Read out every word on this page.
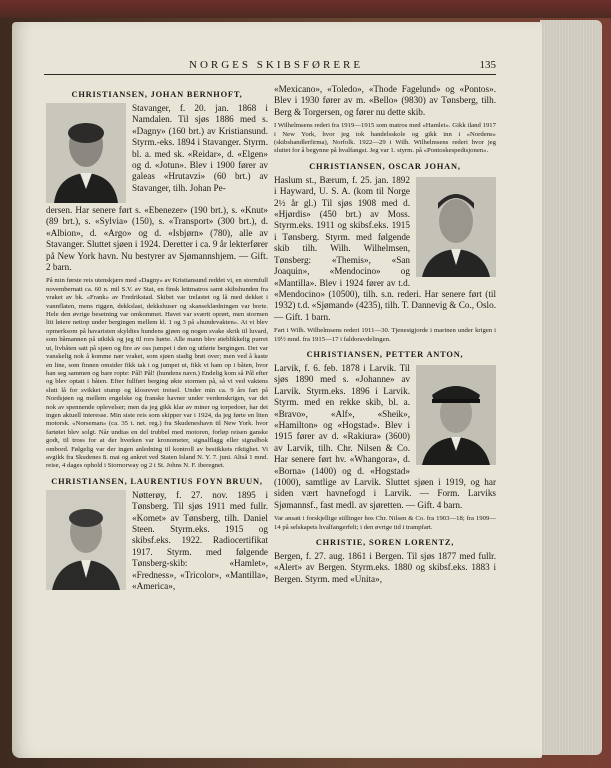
NORGES SKIBSFØRERE	135
CHRISTIANSEN, JOHAN BERNHOFT,
Stavanger, f. 20. jan. 1868 i Namdalen. Til sjøs 1886 med s. «Dagny» (160 brt.) av Kristiansund. Styrm.-eks. 1894 i Stavanger. Styrm. bl. a. med sk. «Reidar», d. «Elgen» og d. «Jotun». Blev i 1900 fører av galeas «Hrutavzi» (60 brt.) av Stavanger, tilh. Johan Pe-
dersen. Har senere ført s. «Ebenezer» (190 brt.), s. «Knut» (89 brt.), s. «Sylvia» (150), s. «Transport» (300 brt.), d. «Albion», d. «Argo» og d. «Isbjørn» (780), alle av Stavanger. Sluttet sjøen i 1924. Deretter i ca. 9 år lekterfører på New York havn. Nu bestyrer av Sjømannshjem. — Gift. 2 barn.
På min første reis utenskjærs med «Dagny» av Kristiansund reddet vi, en stormfull novembernatt ca. 60 n. mil S.V. av Stat, en finsk lettmatros samt skibshunden fra vraket av bk. «Frank» av Fredrikstad. Skibet var trelastet og lå med dekket i vannflaten, mens riggen, dekkslast, dekkshuser og skanseklædningen var borte. Hele den øvrige besetning var omkommet. Havet var sværtt oprørt, men stormen litt løiere nettop under bergingen mellem kl. 1 og 3 på «hundevakten». At vi blev opmerksom på havaristen skyldtes hundens gjøen og nogen svake skrik til luvard, som båmannen på utkikk og jeg til rors hørte. Alle mann blev øieblikkelig purret ut, livbåten satt på sjøen og fire av oss jumpet i den og utførte bergingen. Det var vanskelig nok å komme nær vraket, som sjøen stadig brøt over; men ved å kaste en line, som finnen omsider fikk tak i og jumpet ut, fikk vi ham op i båten, hvor han seg sammen og bare ropte: Pål! Pål! (hundens navn.) Endelig kom så Pål efter og blev optatt i båten. Efter fullført berging økte stormen på, så vi ved vaktens slutt lå for svikket stump og klosrevet treisel. Under min ca. 9 års fart på Nordsjøen og mellem engelske og franske havner under verdenskrigen, var det nok av spennende oplevelser; men da jeg gikk klar av miner og torpedoer, har det ingen aktuell interesse. Min siste reis som skipper var i 1924, da jeg førte en liten motorsk. «Norseman» (ca. 35 t. net. reg.) fra Skudeneshavn til New York. hvor fartøiet blev solgt. Når undtas en del trubbel med motoren, forløp reisen ganske godt, til tross for at der hverken var kronometer, signalflagg eller signalbok ombord. Følgelig var der ingen anledning til kontroll av bestikkets riktighet. Vi avgikk fra Skudenes 8. mai og ankret ved Staten Island N. Y. 7. juni. Altså 1 mnd. reise, 4 dages ophold i Stornorway og 2 i St. Johns N. F. iberegnet.
CHRISTIANSEN, LAURENTIUS FOYN BRUUN,
Nøtterøy, f. 27. nov. 1895 i Tønsberg. Til sjøs 1911 med fullr. «Komet» av Tønsberg, tilh. Daniel Steen. Styrm.eks. 1915 og skibsf.eks. 1922. Radiocertifikat 1917. Styrm. med følgende Tønsberg-skib: «Hamlet», «Fredness», «Tricolor», «Mantilla», «America»,
«Mexicano», «Toledo», «Thode Fagelund» og «Pontos». Blev i 1930 fører av m. «Bello» (9830) av Tønsberg, tilh. Berg & Torgersen, og fører nu dette skib.
I Wilhelmsens rederi fra 1919—1915 som matros med «Hamlet». Gikk iland 1917 i New York, hvor jeg tok handelsskole og gikk inn i «Nordens» (skibshandlerfirma), Norfolk. 1922—29 i Wilh. Wilhelmsens rederi hvor jeg sluttet for å begynne på hvalfangst. Jeg var 1. styrm. på «Pontoskespedisjonen».
CHRISTIANSEN, OSCAR JOHAN,
Haslum st., Bærum, f. 25. jan. 1892 i Hayward, U. S. A. (kom til Norge 2½ år gl.) Til sjøs 1908 med d. «Hjørdis» (450 brt.) av Moss. Styrm.eks. 1911 og skibsf.eks. 1915 i Tønsberg. Styrm. med følgende skib tilh. Wilh. Wilhelmsen, Tønsberg: «Themis», «San Joaquin», «Mendocino» og «Mantilla». Blev i 1924 fører av t.d. «Mendocino» (10500), tilh. s.n. rederi. Har senere ført (til 1932) t.d. «Sjømand» (4235), tilh. T. Dannevig & Co., Oslo. — Gift. 1 barn.
Fart i Wilh. Wilhelmsens rederi 1911—30. Tjenestgjorde i marinen under krigen i 19½ mnd. fra 1915—17 i faldoravdelingen.
CHRISTIANSEN, PETTER ANTON,
Larvik, f. 6. feb. 1878 i Larvik. Til sjøs 1890 med s. «Johanne» av Larvik. Styrm.eks. 1896 i Larvik. Styrm. med en rekke skib, bl. a. «Bravo», «Alf», «Sheik», «Hamilton» og «Hogstad». Blev i 1915 fører av d. «Rakiura» (3600) av Larvik, tilh. Chr. Nilsen & Co. Har senere ført hv. «Whangora», d. «Borna» (1400) og d. «Hogstad» (1000), samtlige av Larvik. Sluttet sjøen i 1919, og har siden vært havnefogd i Larvik. — Form. Larviks Sjømannsf., fast medl. av sjøretten. — Gift. 4 barn.
Var ansatt i forskjellige stillinger hos Chr. Nilsen & Co. fra 1903—18; fra 1909—14 på selskapets hvalfangerfelt; i den øvrige tid i trampfart.
CHRISTIE, SOREN LORENTZ,
Bergen, f. 27. aug. 1861 i Bergen. Til sjøs 1877 med fullr. «Alert» av Bergen. Styrm.eks. 1880 og skibsf.eks. 1883 i Bergen. Styrm. med «Unita»,
